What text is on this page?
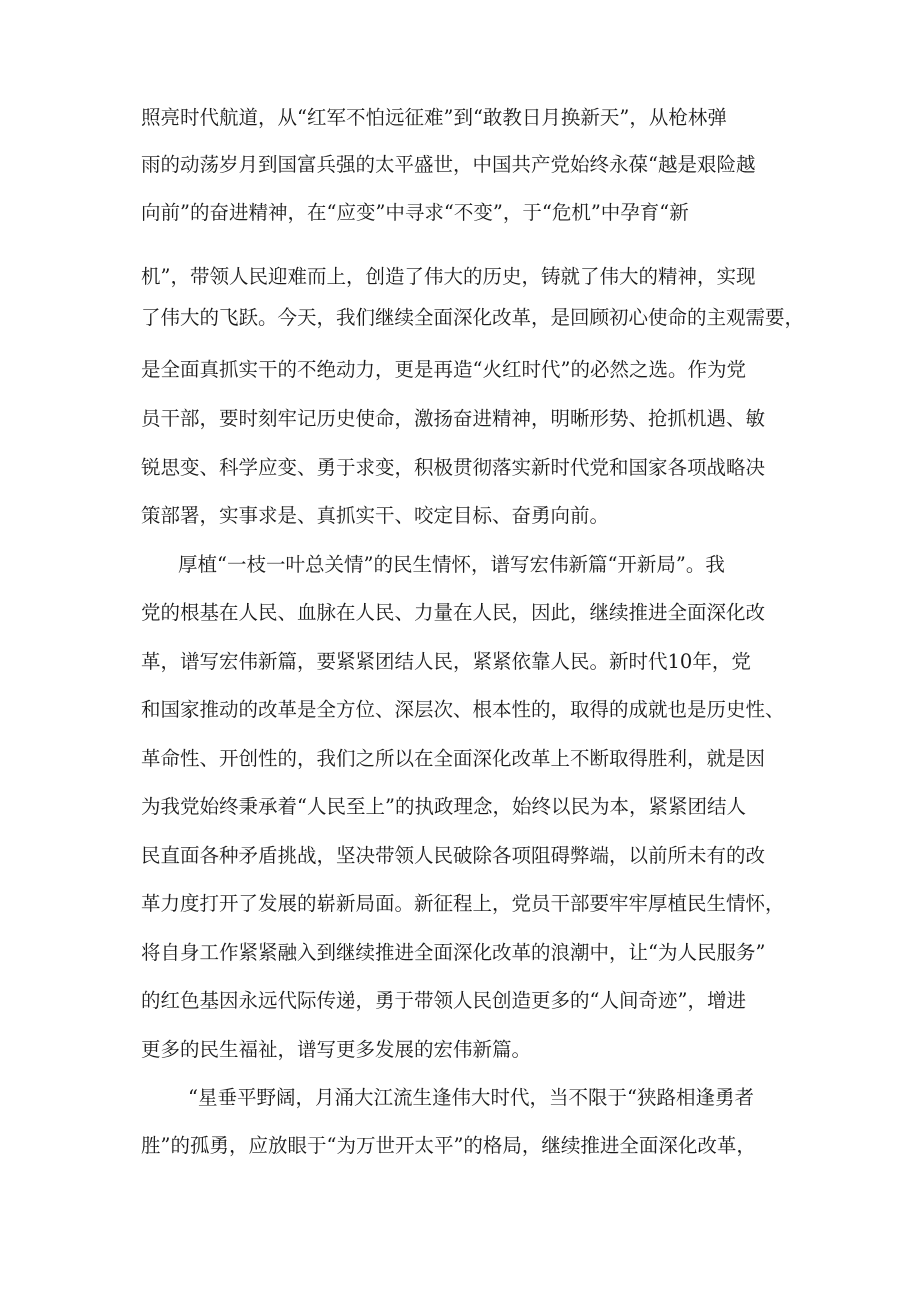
照亮时代航道，从“红军不怕远征难”到“敢教日月换新天”，从枪林弹

雨的动荡岁月到国富兵强的太平盛世，中国共产党始终永葆“越是艰险越

向前”的奋进精神，在“应变”中寻求“不变”，于“危机”中孕育“新

机”，带领人民迎难而上，创造了伟大的历史，铸就了伟大的精神，实现

了伟大的飞跃。今天，我们继续全面深化改革，是回顾初心使命的主观需要，

是全面真抓实干的不绝动力，更是再造“火红时代”的必然之选。作为党

员干部，要时刻牢记历史使命，激扬奋进精神，明晰形势、抢抓机遇、敏

锐思变、科学应变、勇于求变，积极贯彻落实新时代党和国家各项战略决

策部署，实事求是、真抓实干、咬定目标、奋勇向前。

厚植“一枝一叶总关情”的民生情怀，谱写宏伟新篇“开新局”。我

党的根基在人民、血脉在人民、力量在人民，因此，继续推进全面深化改

革，谱写宏伟新篇，要紧紧团结人民，紧紧依靠人民。新时代10年，党

和国家推动的改革是全方位、深层次、根本性的，取得的成就也是历史性、

革命性、开创性的，我们之所以在全面深化改革上不断取得胜利，就是因

为我党始终秉承着“人民至上”的执政理念，始终以民为本，紧紧团结人

民直面各种矛盾挑战，坚决带领人民破除各项阻碍弊端，以前所未有的改

革力度打开了发展的崭新局面。新征程上，党员干部要牢牢厚植民生情怀，

将自身工作紧紧融入到继续推进全面深化改革的浪潮中，让“为人民服务”

的红色基因永远代际传递，勇于带领人民创造更多的“人间奇迹”，增进

更多的民生福祉，谱写更多发展的宏伟新篇。

“星垂平野阔，月涌大江流生逢伟大时代，当不限于“狭路相逢勇者

胜”的孤勇，应放眼于“为万世开太平”的格局，继续推进全面深化改革，
